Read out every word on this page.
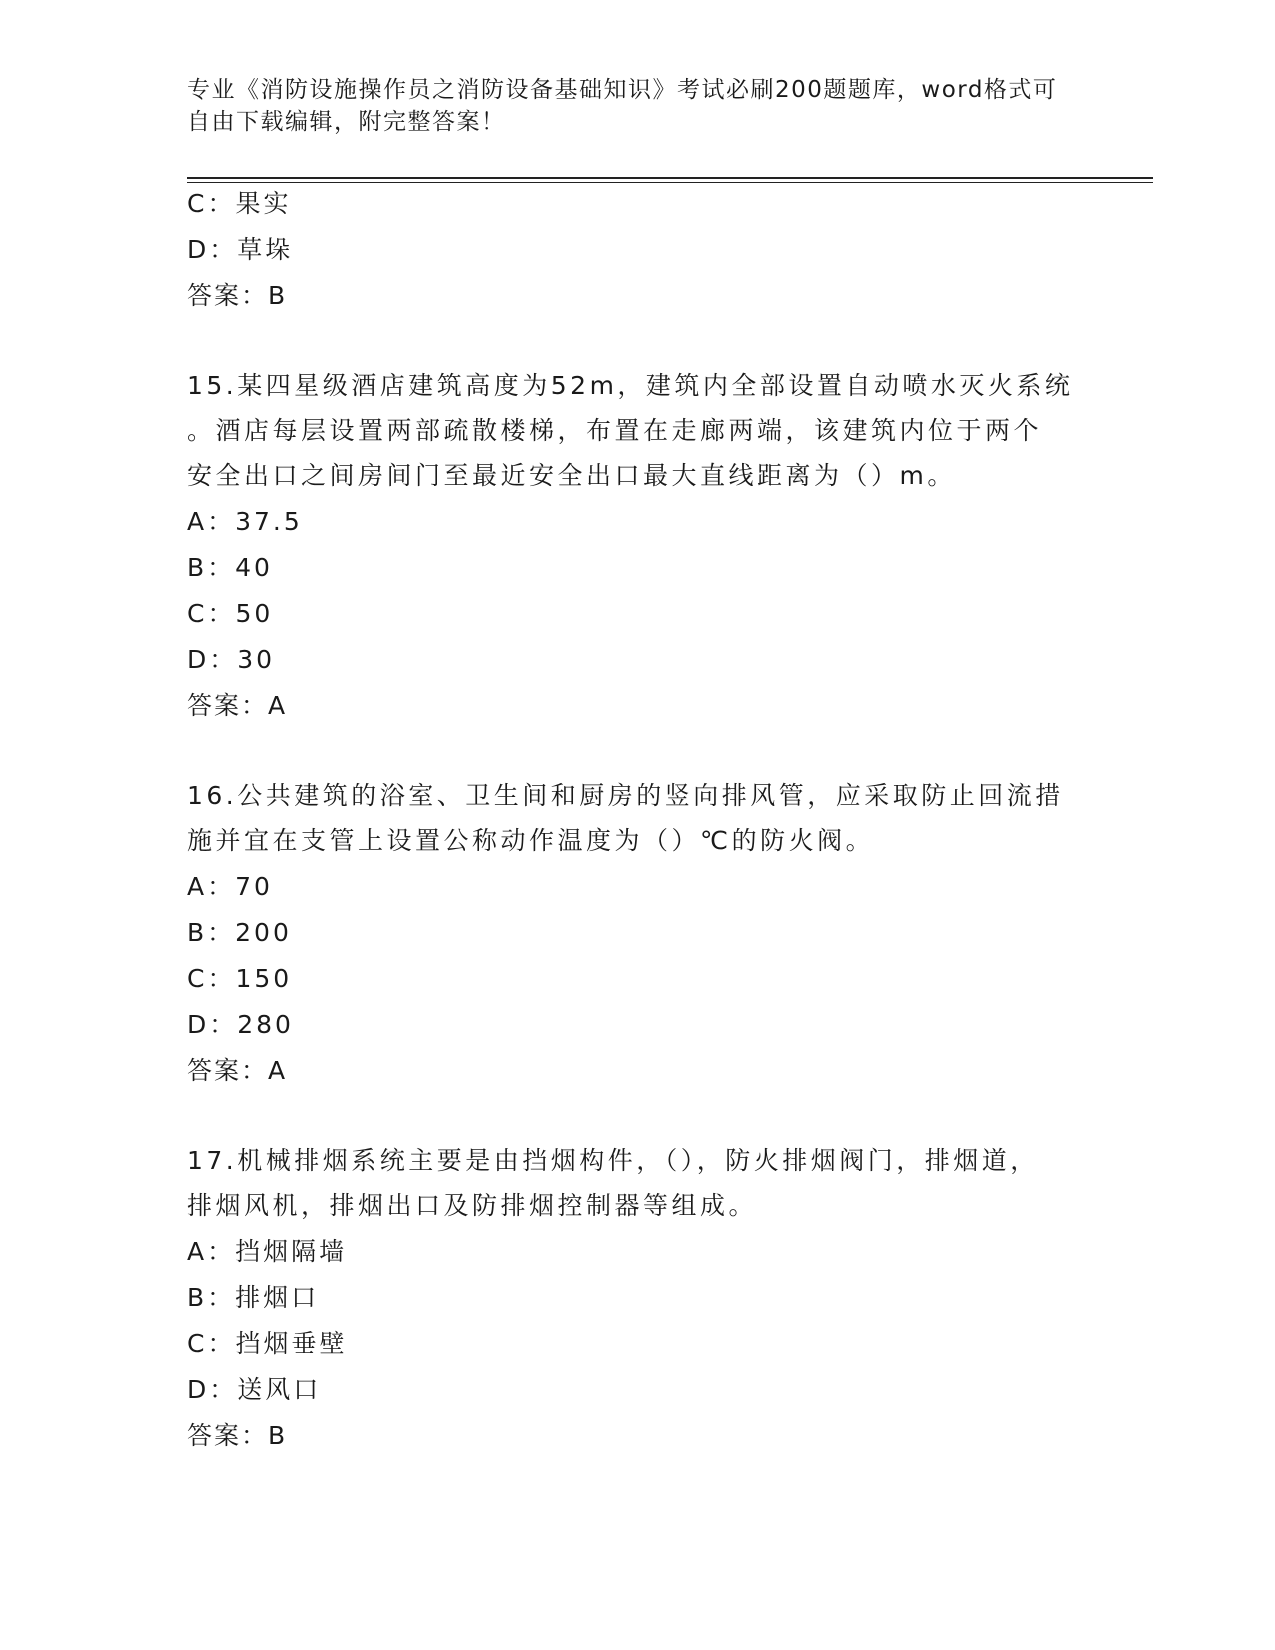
专业《消防设施操作员之消防设备基础知识》考试必刷200题题库，word格式可
自由下载编辑，附完整答案！
C：果实
D：草垛
答案：B
15.某四星级酒店建筑高度为52m，建筑内全部设置自动喷水灭火系统
。酒店每层设置两部疏散楼梯，布置在走廊两端，该建筑内位于两个
安全出口之间房间门至最近安全出口最大直线距离为（）m。
A：37.5
B：40
C：50
D：30
答案：A
16.公共建筑的浴室、卫生间和厨房的竖向排风管，应采取防止回流措
施并宜在支管上设置公称动作温度为（）℃的防火阀。
A：70
B：200
C：150
D：280
答案：A
17.机械排烟系统主要是由挡烟构件，（），防火排烟阀门，排烟道，
排烟风机，排烟出口及防排烟控制器等组成。
A：挡烟隔墙
B：排烟口
C：挡烟垂壁
D：送风口
答案：B
